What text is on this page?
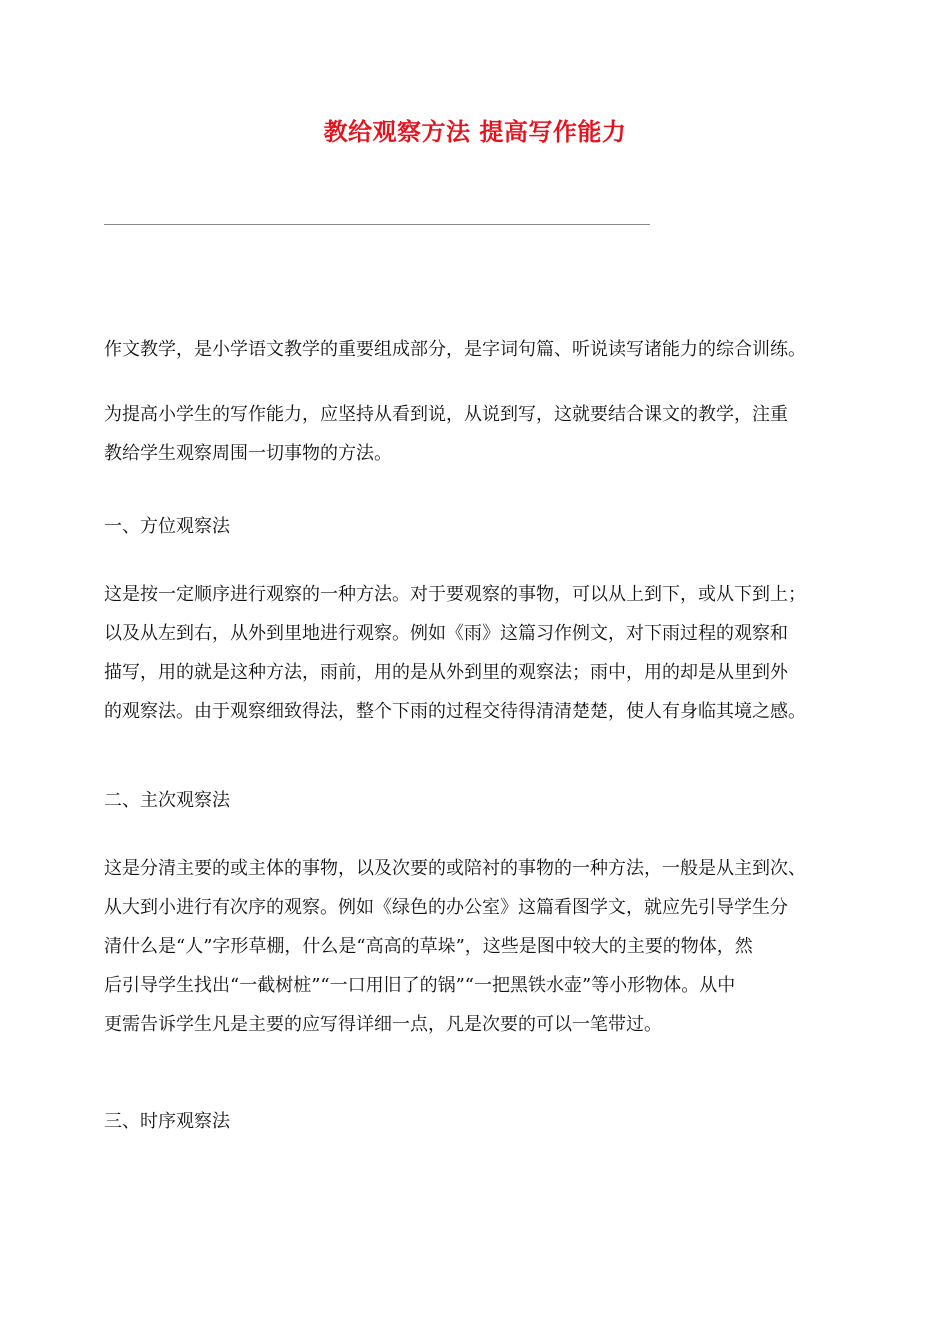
教给观察方法 提高写作能力

作文教学，是小学语文教学的重要组成部分，是字词句篇、听说读写诸能力的综合训练。

为提高小学生的写作能力，应坚持从看到说，从说到写，这就要结合课文的教学，注重
教给学生观察周围一切事物的方法。

一、方位观察法

这是按一定顺序进行观察的一种方法。对于要观察的事物，可以从上到下，或从下到上；
以及从左到右，从外到里地进行观察。例如《雨》这篇习作例文，对下雨过程的观察和
描写，用的就是这种方法，雨前，用的是从外到里的观察法；雨中，用的却是从里到外
的观察法。由于观察细致得法，整个下雨的过程交待得清清楚楚，使人有身临其境之感。

二、主次观察法

这是分清主要的或主体的事物，以及次要的或陪衬的事物的一种方法，一般是从主到次、
从大到小进行有次序的观察。例如《绿色的办公室》这篇看图学文，就应先引导学生分
清什么是“人”字形草棚，什么是“高高的草垛”，这些是图中较大的主要的物体，然
后引导学生找出“一截树桩”“一口用旧了的锅”“一把黑铁水壶”等小形物体。从中
更需告诉学生凡是主要的应写得详细一点，凡是次要的可以一笔带过。

三、时序观察法
